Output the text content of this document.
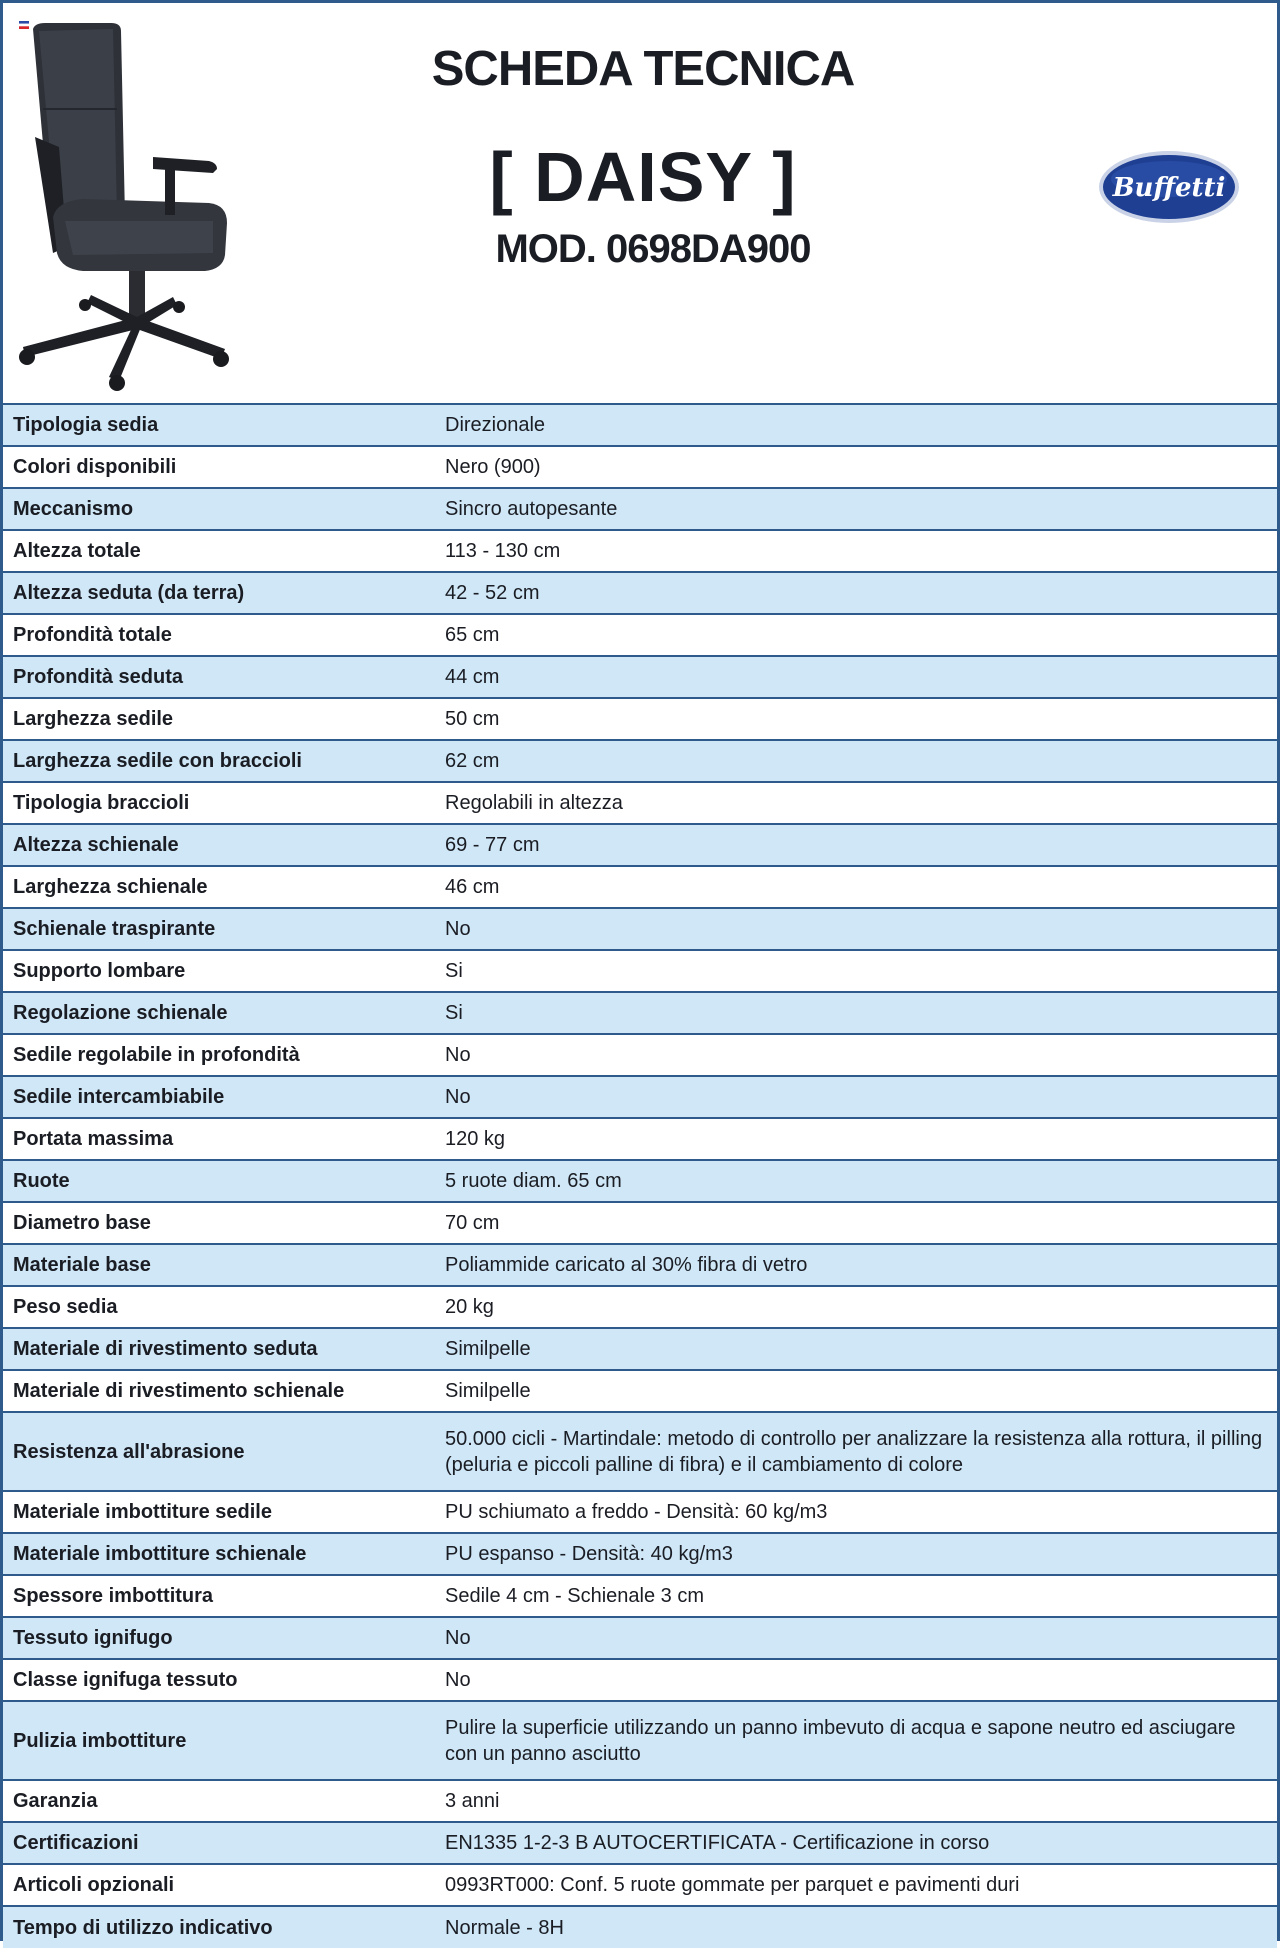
SCHEDA TECNICA
[ DAISY ]
MOD. 0698DA900
Buffetti
Tipologia sedia	Direzionale
Colori disponibili	Nero (900)
Meccanismo	Sincro autopesante
Altezza totale	113 - 130 cm
Altezza seduta (da terra)	42 - 52 cm
Profondità totale	65 cm
Profondità seduta	44 cm
Larghezza sedile	50 cm
Larghezza sedile con braccioli	62 cm
Tipologia braccioli	Regolabili in altezza
Altezza schienale	69 - 77 cm
Larghezza schienale	46 cm
Schienale traspirante	No
Supporto lombare	Si
Regolazione schienale	Si
Sedile regolabile in profondità	No
Sedile intercambiabile	No
Portata massima	120 kg
Ruote	5 ruote diam. 65 cm
Diametro base	70 cm
Materiale base	Poliammide caricato al 30% fibra di vetro
Peso sedia	20 kg
Materiale di rivestimento seduta	Similpelle
Materiale di rivestimento schienale	Similpelle
Resistenza all'abrasione	50.000 cicli - Martindale: metodo di controllo per analizzare la resistenza alla rottura, il pilling (peluria e piccoli palline di fibra) e il cambiamento di colore
Materiale imbottiture sedile	PU schiumato a freddo - Densità: 60 kg/m3
Materiale imbottiture schienale	PU espanso - Densità: 40 kg/m3
Spessore imbottitura	Sedile 4 cm - Schienale 3 cm
Tessuto ignifugo	No
Classe ignifuga tessuto	No
Pulizia imbottiture	Pulire la superficie utilizzando un panno imbevuto di acqua e sapone neutro ed asciugare con un panno asciutto
Garanzia	3 anni
Certificazioni	EN1335 1-2-3 B AUTOCERTIFICATA - Certificazione in corso
Articoli opzionali	0993RT000: Conf. 5 ruote gommate per parquet e pavimenti duri
Tempo di utilizzo indicativo	Normale - 8H
